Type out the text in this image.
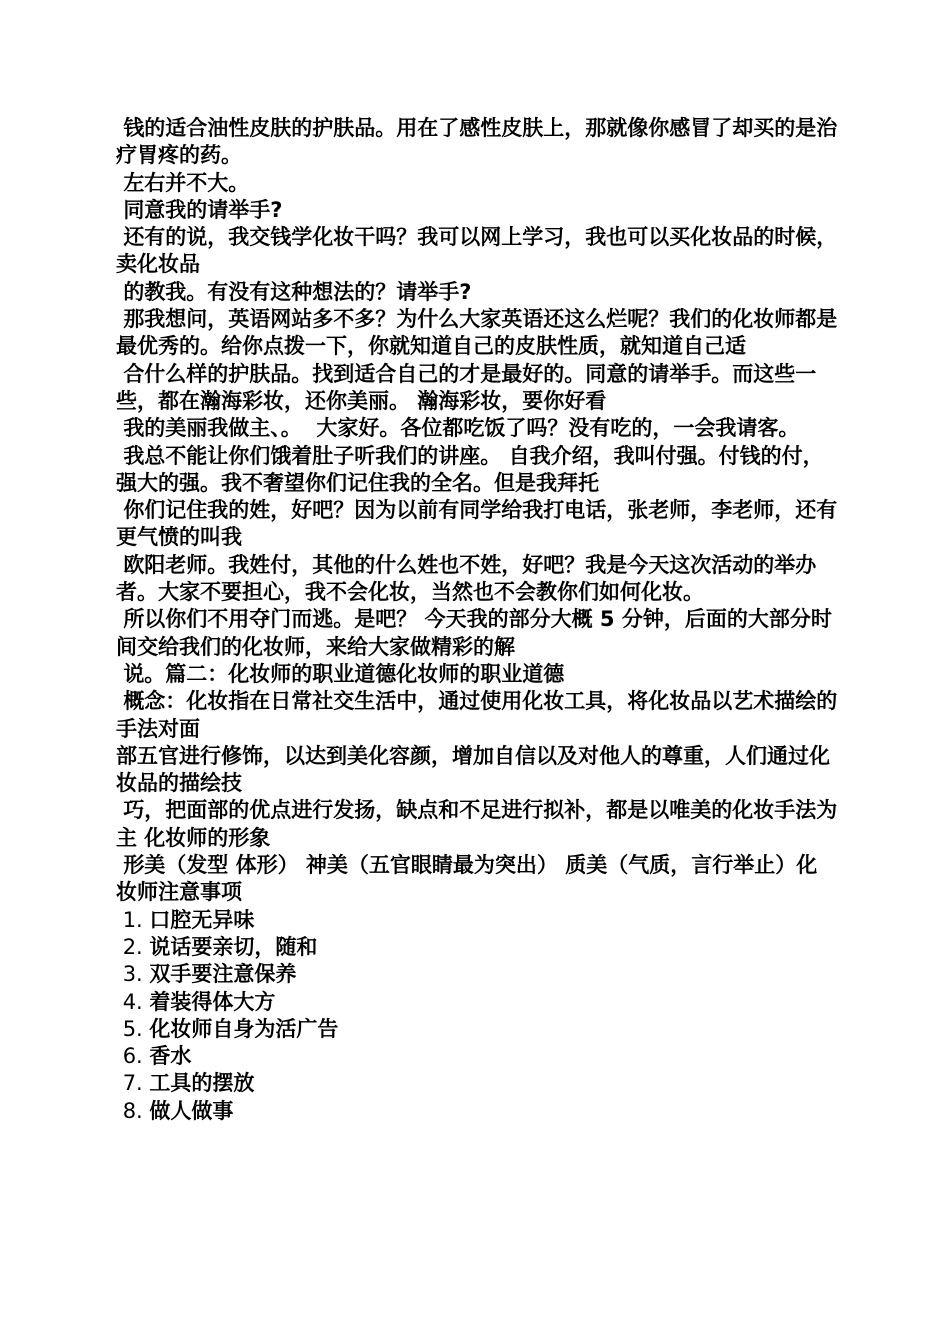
钱的适合油性皮肤的护肤品。用在了感性皮肤上，那就像你感冒了却买的是治疗胃疼的药。

左右并不大。

同意我的请举手?

还有的说，我交钱学化妆干吗？我可以网上学习，我也可以买化妆品的时候，卖化妆品

的教我。有没有这种想法的？请举手?

那我想问，英语网站多不多？为什么大家英语还这么烂呢？我们的化妆师都是最优秀的。给你点拨一下，你就知道自己的皮肤性质，就知道自己适

合什么样的护肤品。找到适合自己的才是最好的。同意的请举手。而这些一些，都在瀚海彩妆，还你美丽。 瀚海彩妆，要你好看

我的美丽我做主、。  大家好。各位都吃饭了吗？没有吃的，一会我请客。

我总不能让你们饿着肚子听我们的讲座。 自我介绍，我叫付强。付钱的付，强大的强。我不奢望你们记住我的全名。但是我拜托

你们记住我的姓，好吧？因为以前有同学给我打电话，张老师，李老师，还有更气愤的叫我

欧阳老师。我姓付，其他的什么姓也不姓，好吧？我是今天这次活动的举办者。大家不要担心，我不会化妆，当然也不会教你们如何化妆。

所以你们不用夺门而逃。是吧？ 今天我的部分大概 5 分钟，后面的大部分时间交给我们的化妆师，来给大家做精彩的解

说。篇二：化妆师的职业道德化妆师的职业道德

概念：化妆指在日常社交生活中，通过使用化妆工具，将化妆品以艺术描绘的手法对面

部五官进行修饰，以达到美化容颜，增加自信以及对他人的尊重，人们通过化妆品的描绘技

巧，把面部的优点进行发扬，缺点和不足进行拟补，都是以唯美的化妆手法为主 化妆师的形象

形美（发型 体形） 神美（五官眼睛最为突出） 质美（气质，言行举止）化妆师注意事项

1. 口腔无异味

2. 说话要亲切，随和

3. 双手要注意保养

4. 着装得体大方

5. 化妆师自身为活广告

6. 香水

7. 工具的摆放

8. 做人做事
